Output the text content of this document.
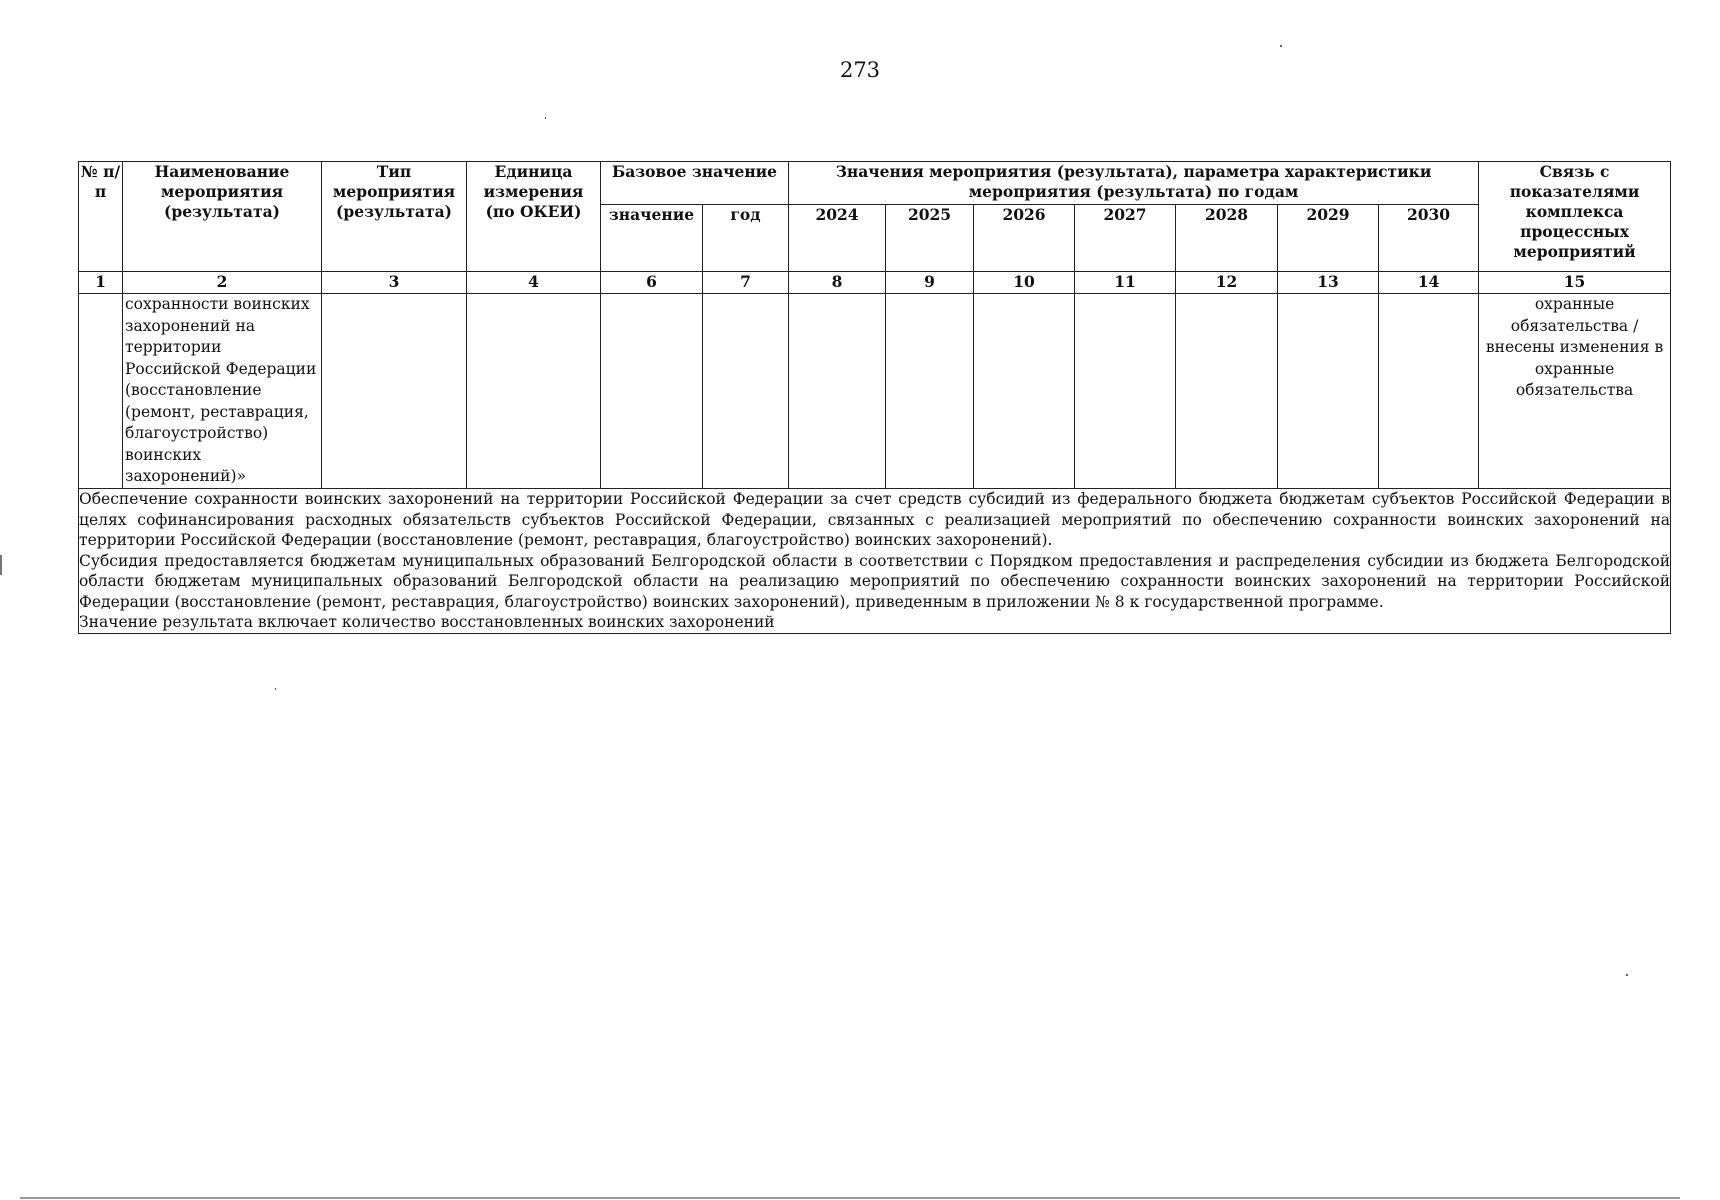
273
№ п/п	Наименование мероприятия (результата)	Тип мероприятия (результата)	Единица измерения (по ОКЕИ)	Базовое значение		Значения мероприятия (результата), параметра характеристики мероприятия (результата) по годам							Связь с показателями комплекса процессных мероприятий
				значение	год	2024	2025	2026	2027	2028	2029	2030	
1	2	3	4	6	7	8	9	10	11	12	13	14	15
	сохранности воинских захоронений на территории Российской Федерации (восстановление (ремонт, реставрация, благоустройство) воинских захоронений)»												охранные обязательства / внесены изменения в охранные обязательства

Обеспечение сохранности воинских захоронений на территории Российской Федерации за счет средств субсидий из федерального бюджета бюджетам субъектов Российской Федерации в целях софинансирования расходных обязательств субъектов Российской Федерации, связанных с реализацией мероприятий по обеспечению сохранности воинских захоронений на территории Российской Федерации (восстановление (ремонт, реставрация, благоустройство) воинских захоронений).

Субсидия предоставляется бюджетам муниципальных образований Белгородской области в соответствии с Порядком предоставления и распределения субсидии из бюджета Белгородской области бюджетам муниципальных образований Белгородской области на реализацию мероприятий по обеспечению сохранности воинских захоронений на территории Российской Федерации (восстановление (ремонт, реставрация, благоустройство) воинских захоронений), приведенным в приложении № 8 к государственной программе.

Значение результата включает количество восстановленных воинских захоронений													
